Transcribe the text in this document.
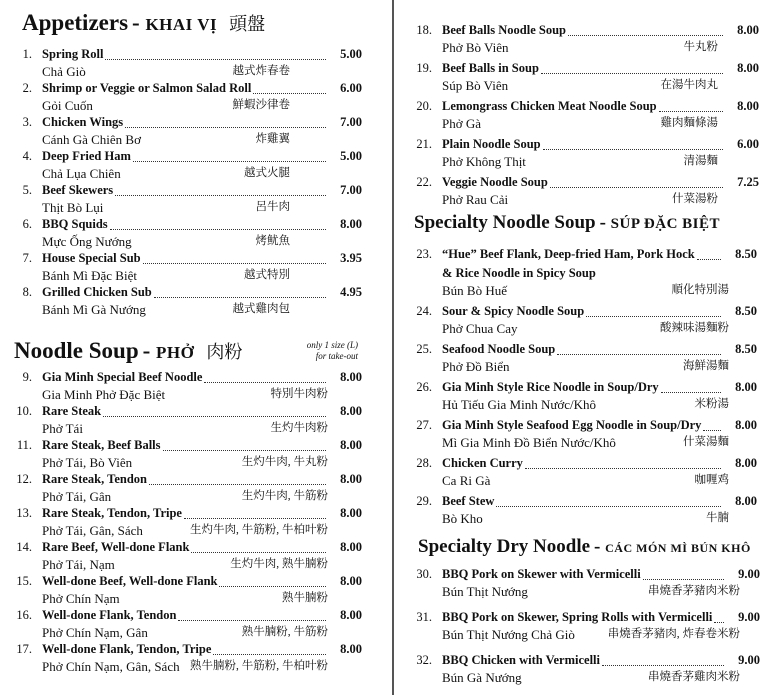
Appetizers - KHAI VỊ 頭盤
1. Spring Roll	5.00
Chả Giò	越式炸春卷
2. Shrimp or Veggie or Salmon Salad Roll	6.00
Gỏi Cuốn	鮮蝦沙律卷
3. Chicken Wings	7.00
Cánh Gà Chiên Bơ	炸雞翼
4. Deep Fried Ham	5.00
Chả Lụa Chiên	越式火腿
5. Beef Skewers	7.00
Thịt Bò Lụi	呂牛肉
6. BBQ Squids	8.00
Mực Ống Nướng	烤鱿魚
7. House Special Sub	3.95
Bánh Mì Đặc Biệt	越式特別
8. Grilled Chicken Sub	4.95
Bánh Mì Gà Nướng	越式雞肉包
Noodle Soup - PHỞ 肉粉	only 1 size (L)
for take-out
9. Gia Minh Special Beef Noodle	8.00
Gia Minh Phở Đặc Biệt	特別牛肉粉
10. Rare Steak	8.00
Phở Tái	生灼牛肉粉
11. Rare Steak, Beef Balls	8.00
Phở Tái, Bò Viên	生灼牛肉, 牛丸粉
12. Rare Steak, Tendon	8.00
Phở Tái, Gân	生灼牛肉, 牛筋粉
13. Rare Steak, Tendon, Tripe	8.00
Phở Tái, Gân, Sách	生灼牛肉, 牛筋粉, 牛柏叶粉
14. Rare Beef, Well-done Flank	8.00
Phở Tái, Nạm	生灼牛肉, 熟牛腩粉
15. Well-done Beef, Well-done Flank	8.00
Phở Chín Nạm	熟牛腩粉
16. Well-done Flank, Tendon	8.00
Phở Chín Nạm, Gân	熟牛腩粉, 牛筋粉
17. Well-done Flank, Tendon, Tripe	8.00
Phở Chín Nạm, Gân, Sách 熟牛腩粉, 牛筋粉, 牛柏叶粉
18. Beef Balls Noodle Soup	8.00
Phở Bò Viên	牛丸粉
19. Beef Balls in Soup	8.00
Súp Bò Viên	在湯牛肉丸
20. Lemongrass Chicken Meat Noodle Soup	8.00
Phở Gà	雞肉麵條湯
21. Plain Noodle Soup	6.00
Phở Không Thịt	清湯麵
22. Veggie Noodle Soup	7.25
Phở Rau Cải	什菜湯粉
Specialty Noodle Soup - SÚP ĐẶC BIỆT
23. “Hue” Beef Flank, Deep-fried Ham, Pork Hock
& Rice Noodle in Spicy Soup
8.50
Bún Bò Huế	順化特別湯
24. Sour & Spicy Noodle Soup	8.50
Phở Chua Cay	酸辣味湯麵粉
25. Seafood Noodle Soup	8.50
Phở Đồ Biển	海鮮湯麵
26. Gia Minh Style Rice Noodle in Soup/Dry	8.00
Hủ Tiếu Gia Minh Nước/Khô	米粉湯
27. Gia Minh Style Seafood Egg Noodle in Soup/Dry	8.00
Mì Gia Minh Đồ Biển Nước/Khô	什菜湯麵
28. Chicken Curry	8.00
Ca Ri Gà	咖喱鸡
29. Beef Stew	8.00
Bò Kho	牛腩
Specialty Dry Noodle - CÁC MÓN MÌ BÚN KHÔ
30. BBQ Pork on Skewer with Vermicelli	9.00
Bún Thịt Nướng	串燒香茅豬肉米粉
31. BBQ Pork on Skewer, Spring Rolls with Vermicelli	9.00
Bún Thịt Nướng Chả Giò	串燒香茅豬肉, 炸春卷米粉
32. BBQ Chicken with Vermicelli	9.00
Bún Gà Nướng	串燒香茅雞肉米粉
